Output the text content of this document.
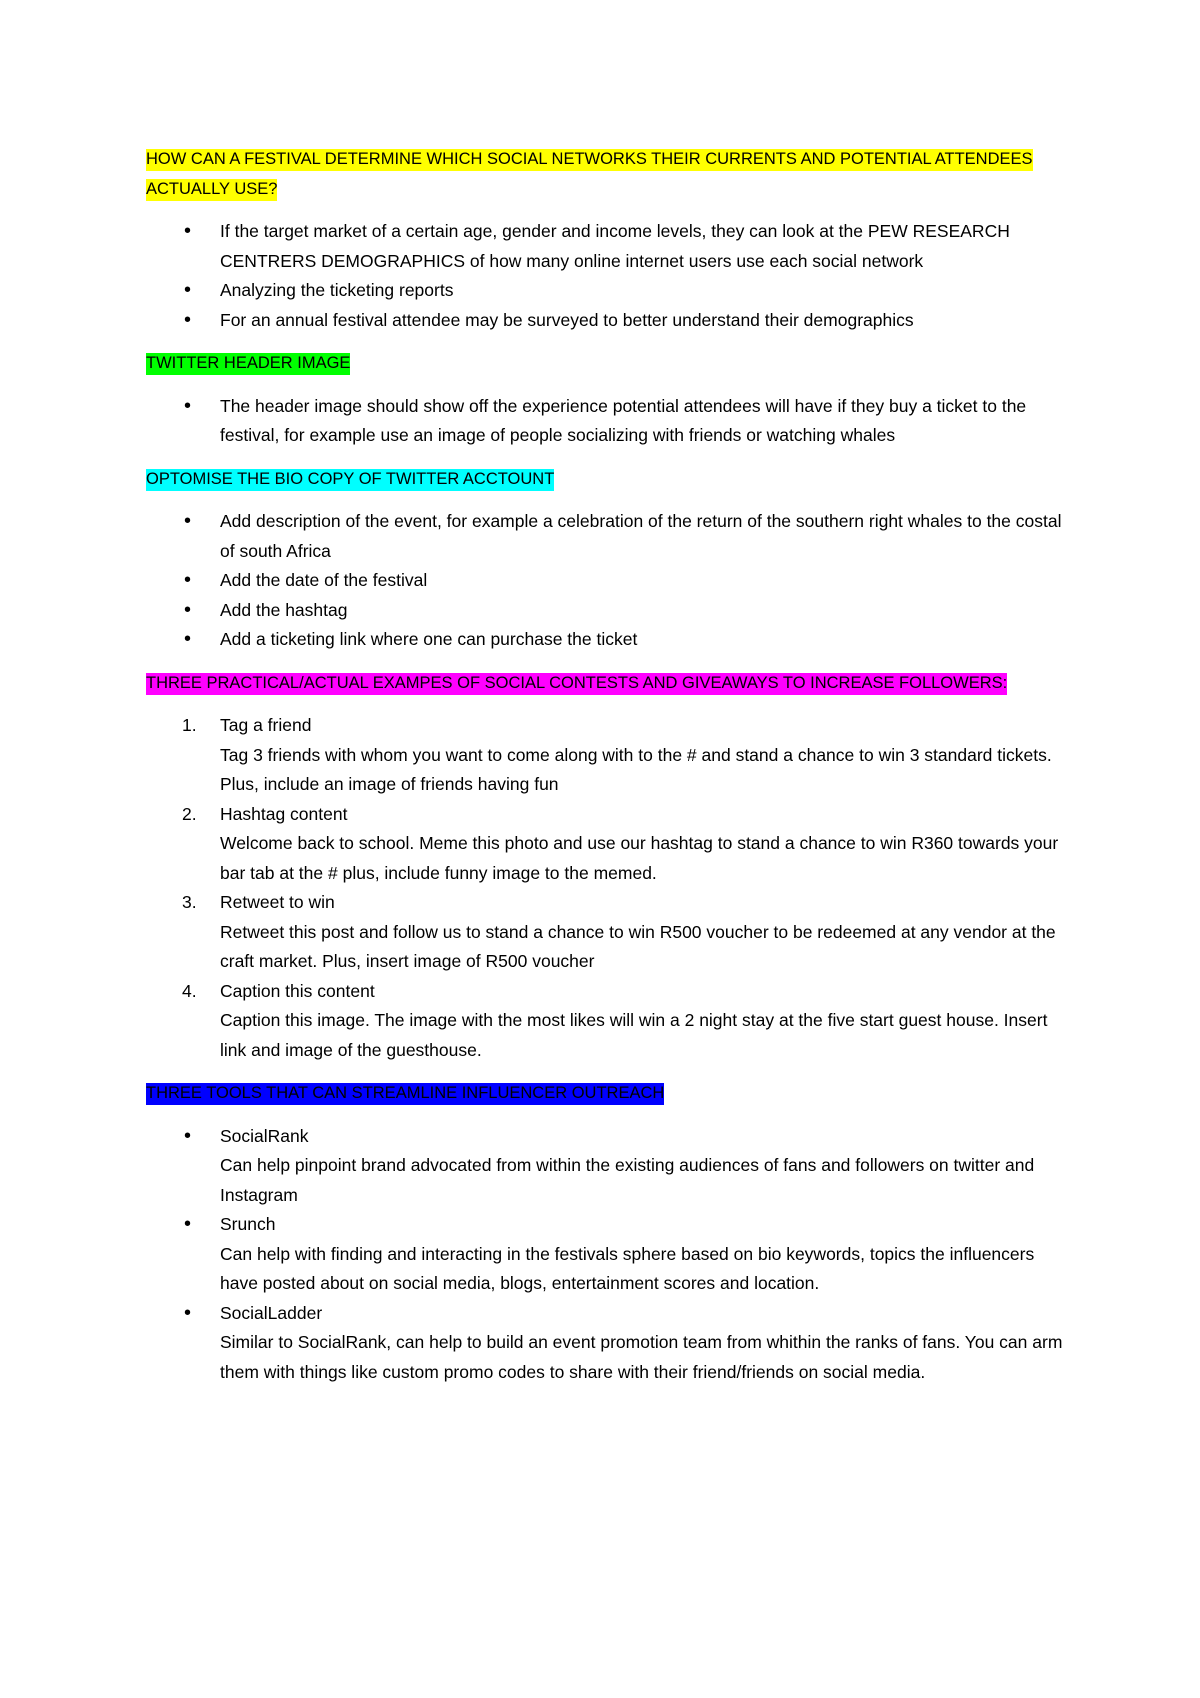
HOW CAN A FESTIVAL DETERMINE WHICH SOCIAL NETWORKS THEIR CURRENTS AND POTENTIAL ATTENDEES ACTUALLY USE?
• If the target market of a certain age, gender and income levels, they can look at the PEW RESEARCH CENTRERS DEMOGRAPHICS of how many online internet users use each social network
• Analyzing the ticketing reports
• For an annual festival attendee may be surveyed to better understand their demographics
TWITTER HEADER IMAGE
• The header image should show off the experience potential attendees will have if they buy a ticket to the festival, for example use an image of people socializing with friends or watching whales
OPTOMISE THE BIO COPY OF TWITTER ACCTOUNT
• Add description of the event, for example a celebration of the return of the southern right whales to the costal of south Africa
• Add the date of the festival
• Add the hashtag
• Add a ticketing link where one can purchase the ticket
THREE PRACTICAL/ACTUAL EXAMPES OF SOCIAL CONTESTS AND GIVEAWAYS TO INCREASE FOLLOWERS:
1. Tag a friend
Tag 3 friends with whom you want to come along with to the # and stand a chance to win 3 standard tickets. Plus, include an image of friends having fun
2. Hashtag content
Welcome back to school. Meme this photo and use our hashtag to stand a chance to win R360 towards your bar tab at the # plus, include funny image to the memed.
3. Retweet to win
Retweet this post and follow us to stand a chance to win R500 voucher to be redeemed at any vendor at the craft market. Plus, insert image of R500 voucher
4. Caption this content
Caption this image. The image with the most likes will win a 2 night stay at the five start guest house. Insert link and image of the guesthouse.
THREE TOOLS THAT CAN STREAMLINE INFLUENCER OUTREACH
• SocialRank
Can help pinpoint brand advocated from within the existing audiences of fans and followers on twitter and Instagram
• Srunch
Can help with finding and interacting in the festivals sphere based on bio keywords, topics the influencers have posted about on social media, blogs, entertainment scores and location.
• SocialLadder
Similar to SocialRank, can help to build an event promotion team from whithin the ranks of fans. You can arm them with things like custom promo codes to share with their friend/friends on social media.
